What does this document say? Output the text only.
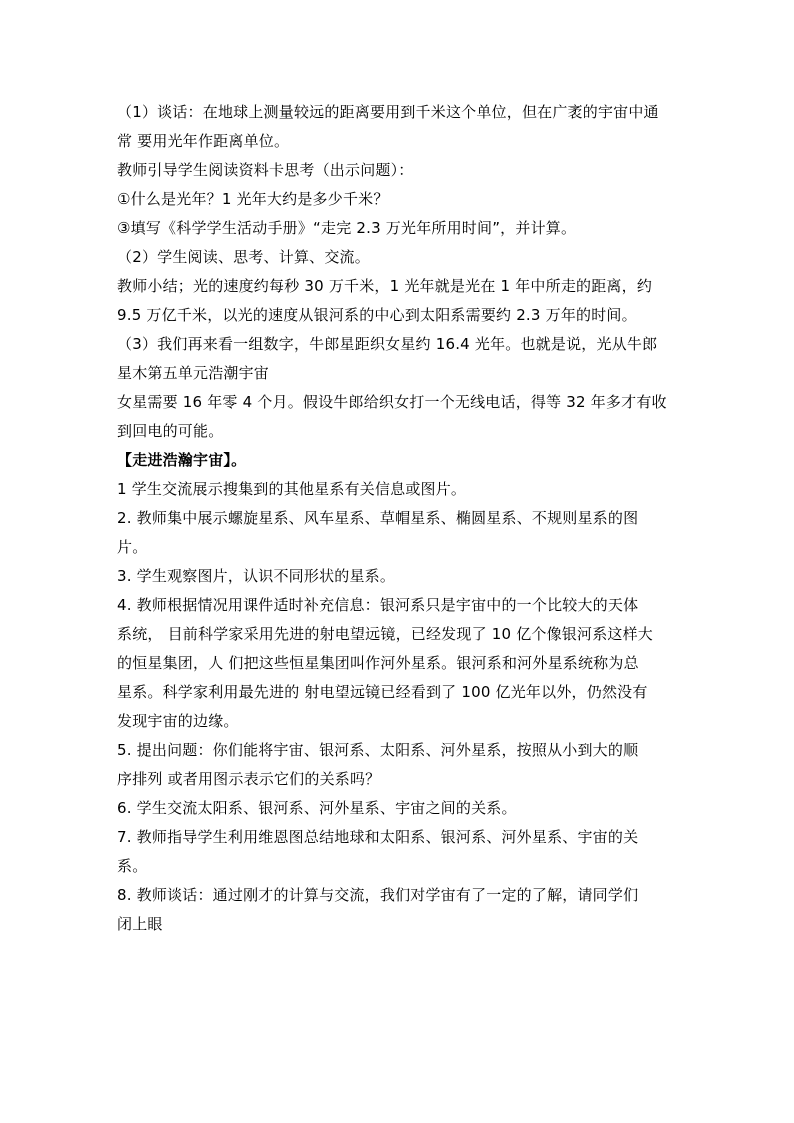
（1）谈话：在地球上测量较远的距离要用到千米这个单位，但在广袤的宇宙中通
常 要用光年作距离单位。
教师引导学生阅读资料卡思考（出示问题）：
①什么是光年？1 光年大约是多少千米？
③填写《科学学生活动手册》“走完 2.3 万光年所用时间”，并计算。
（2）学生阅读、思考、计算、交流。
教师小结；光的速度约每秒 30 万千米，1 光年就是光在 1 年中所走的距离，约
9.5 万亿千米，以光的速度从银河系的中心到太阳系需要约 2.3 万年的时间。
（3）我们再来看一组数字，牛郎星距织女星约 16.4 光年。也就是说，光从牛郎
星木第五单元浩潮宇宙
女星需要 16 年零 4 个月。假设牛郎给织女打一个无线电话，得等 32 年多才有收
到回电的可能。
【走进浩瀚宇宙】。
1 学生交流展示搜集到的其他星系有关信息或图片。
2. 教师集中展示螺旋星系、风车星系、草帽星系、椭圆星系、不规则星系的图
片。
3. 学生观察图片，认识不同形状的星系。
4. 教师根据情况用课件适时补充信息：银河系只是宇宙中的一个比较大的天体
系统， 目前科学家采用先进的射电望远镜，已经发现了 10 亿个像银河系这样大
的恒星集团，人 们把这些恒星集团叫作河外星系。银河系和河外星系统称为总
星系。科学家利用最先进的 射电望远镜已经看到了 100 亿光年以外，仍然没有
发现宇宙的边缘。
5. 提出问题：你们能将宇宙、银河系、太阳系、河外星系，按照从小到大的顺
序排列 或者用图示表示它们的关系吗？
6. 学生交流太阳系、银河系、河外星系、宇宙之间的关系。
7. 教师指导学生利用维恩图总结地球和太阳系、银河系、河外星系、宇宙的关
系。
8. 教师谈话：通过刚才的计算与交流，我们对学宙有了一定的了解，请同学们
闭上眼
